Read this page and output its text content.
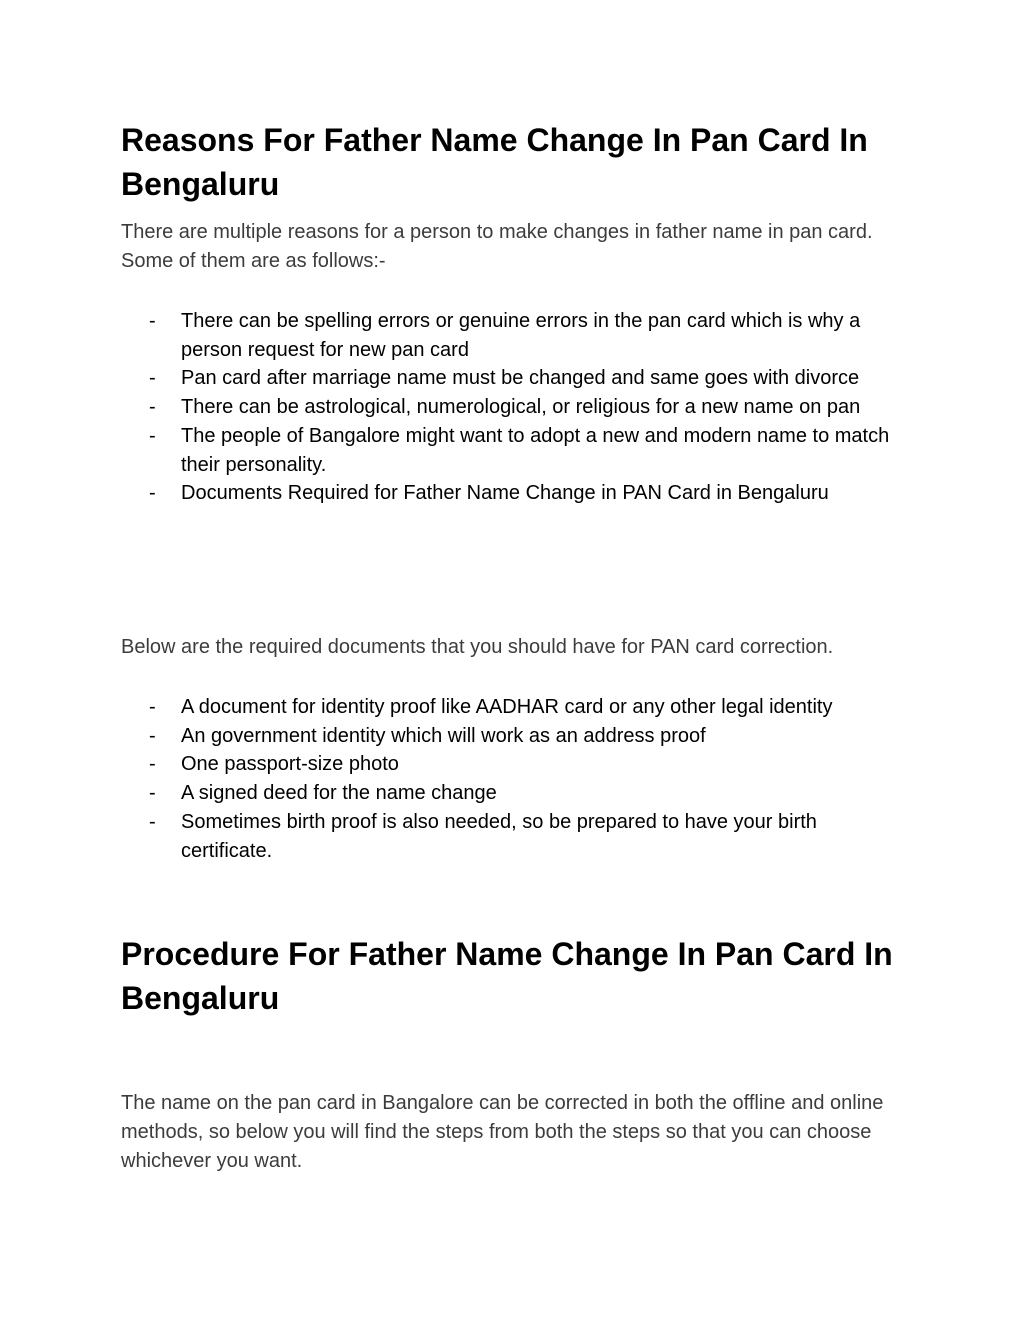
Reasons For Father Name Change In Pan Card In Bengaluru

There are multiple reasons for a person to make changes in father name in pan card. Some of them are as follows:-

- There can be spelling errors or genuine errors in the pan card which is why a person request for new pan card
- Pan card after marriage name must be changed and same goes with divorce
- There can be astrological, numerological, or religious for a new name on pan
- The people of Bangalore might want to adopt a new and modern name to match their personality.
- Documents Required for Father Name Change in PAN Card in Bengaluru

Below are the required documents that you should have for PAN card correction.

- A document for identity proof like AADHAR card or any other legal identity
- An government identity which will work as an address proof
- One passport-size photo
- A signed deed for the name change
- Sometimes birth proof is also needed, so be prepared to have your birth certificate.
Procedure For Father Name Change In Pan Card In Bengaluru

The name on the pan card in Bangalore can be corrected in both the offline and online methods, so below you will find the steps from both the steps so that you can choose whichever you want.
